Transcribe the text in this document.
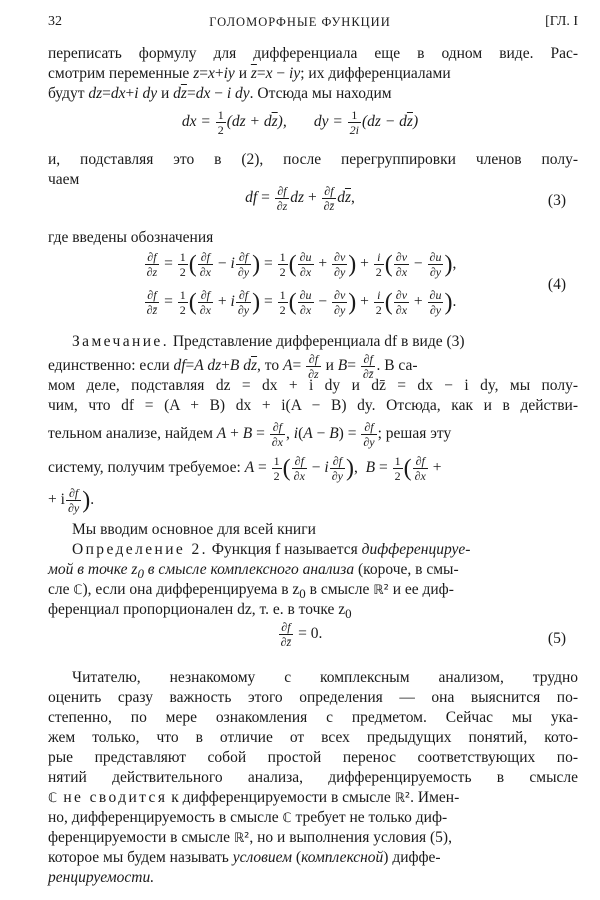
32	ГОЛОМОРФНЫЕ ФУНКЦИИ	[ГЛ. I
переписать формулу для дифференциала еще в одном виде. Рас-
смотрим переменные z=x+iy и $\overline{z}=x$ − iy; их дифференциалами
будут dz=dx+i dy и $d\overline{z}=dx - i$ dy. Отсюда мы находим
dx = $\frac{1}{2} (dz + d\overline{z})$, dy = $\frac{1}{2i} (dz - d\overline{z})$
и, подставляя это в (2), после перегруппировки членов полу-
чаем
df = $\frac{\partial f}{\partial z}$ dz + $\frac{\partial f}{\partial z̄} d\overline{z}$,	(3)
где введены обозначения
$\frac{\partial f}{\partial z} = \frac{1}{2}$ ( $\frac{\partial f}{\partial x} - i \frac{\partial f}{\partial y}$ ) = $\frac{1}{2}$ ( $\frac{\partial u}{\partial x} + \frac{\partial v}{\partial y}$ ) + $\frac{i}{2}$ ( $\frac{\partial v}{\partial x} - \frac{\partial u}{\partial y}$ ),
(4)
$\frac{\partial f}{\partial z̄} = \frac{1}{2}$ ( $\frac{\partial f}{\partial x} + i \frac{\partial f}{\partial y}$ ) = $\frac{1}{2}$ ( $\frac{\partial u}{\partial x} - \frac{\partial v}{\partial y}$ ) + $\frac{i}{2}$ ( $\frac{\partial v}{\partial x} + \frac{\partial u}{\partial y}$ ).
Замечание. Представление дифференциала df в виде (3)
единственно: если df=A dz+B $d\overline{z}$, то $A= \frac{\partial f}{\partial z}$ и $B= \frac{\partial f}{\partial z̄}$ . В са-
мом деле, подставляя dz = dx + i dy и dz̄ = dx − i dy, мы полу-
чим, что df = (A + B) dx + i(A − B) dy. Отсюда, как и в действи-
тельном анализе, найдем $A + B = \frac{\partial f}{\partial x}$ , $i(A - B) = \frac{\partial f}{\partial y}$ ; решая эту
систему, получим требуемое: $A = \frac{1}{2}$ ( $\frac{\partial f}{\partial x} - i \frac{\partial f}{\partial y}$ ),  $B = \frac{1}{2}$ ( $\frac{\partial f}{\partial x}$ +
+ i $\frac{\partial f}{\partial y}$ ).
Мы вводим основное для всей книги
Определение 2. Функция f называется дифференцируе-
мой в точке $z_0$ в смысле комплексного анализа (короче, в смы-
сле ℂ), если она дифференцируема в $z_0$ в смысле ℝ² и ее диф-
ференциал пропорционален dz, т. е. в точке $z_0$
$\frac{\partial f}{\partial z̄} = 0$.	(5)
Читателю, незнакомому с комплексным анализом, трудно
оценить сразу важность этого определения — она выяснится по-
степенно, по мере ознакомления с предметом. Сейчас мы ука-
жем только, что в отличие от всех предыдущих понятий, кото-
рые представляют собой простой перенос соответствующих по-
нятий действительного анализа, дифференцируемость в смысле
ℂ не сводится к дифференцируемости в смысле ℝ². Имен-
но, дифференцируемость в смысле ℂ требует не только диф-
ференцируемости в смысле ℝ², но и выполнения условия (5),
которое мы будем называть условием (комплексной) диффе-
ренцируемости.
